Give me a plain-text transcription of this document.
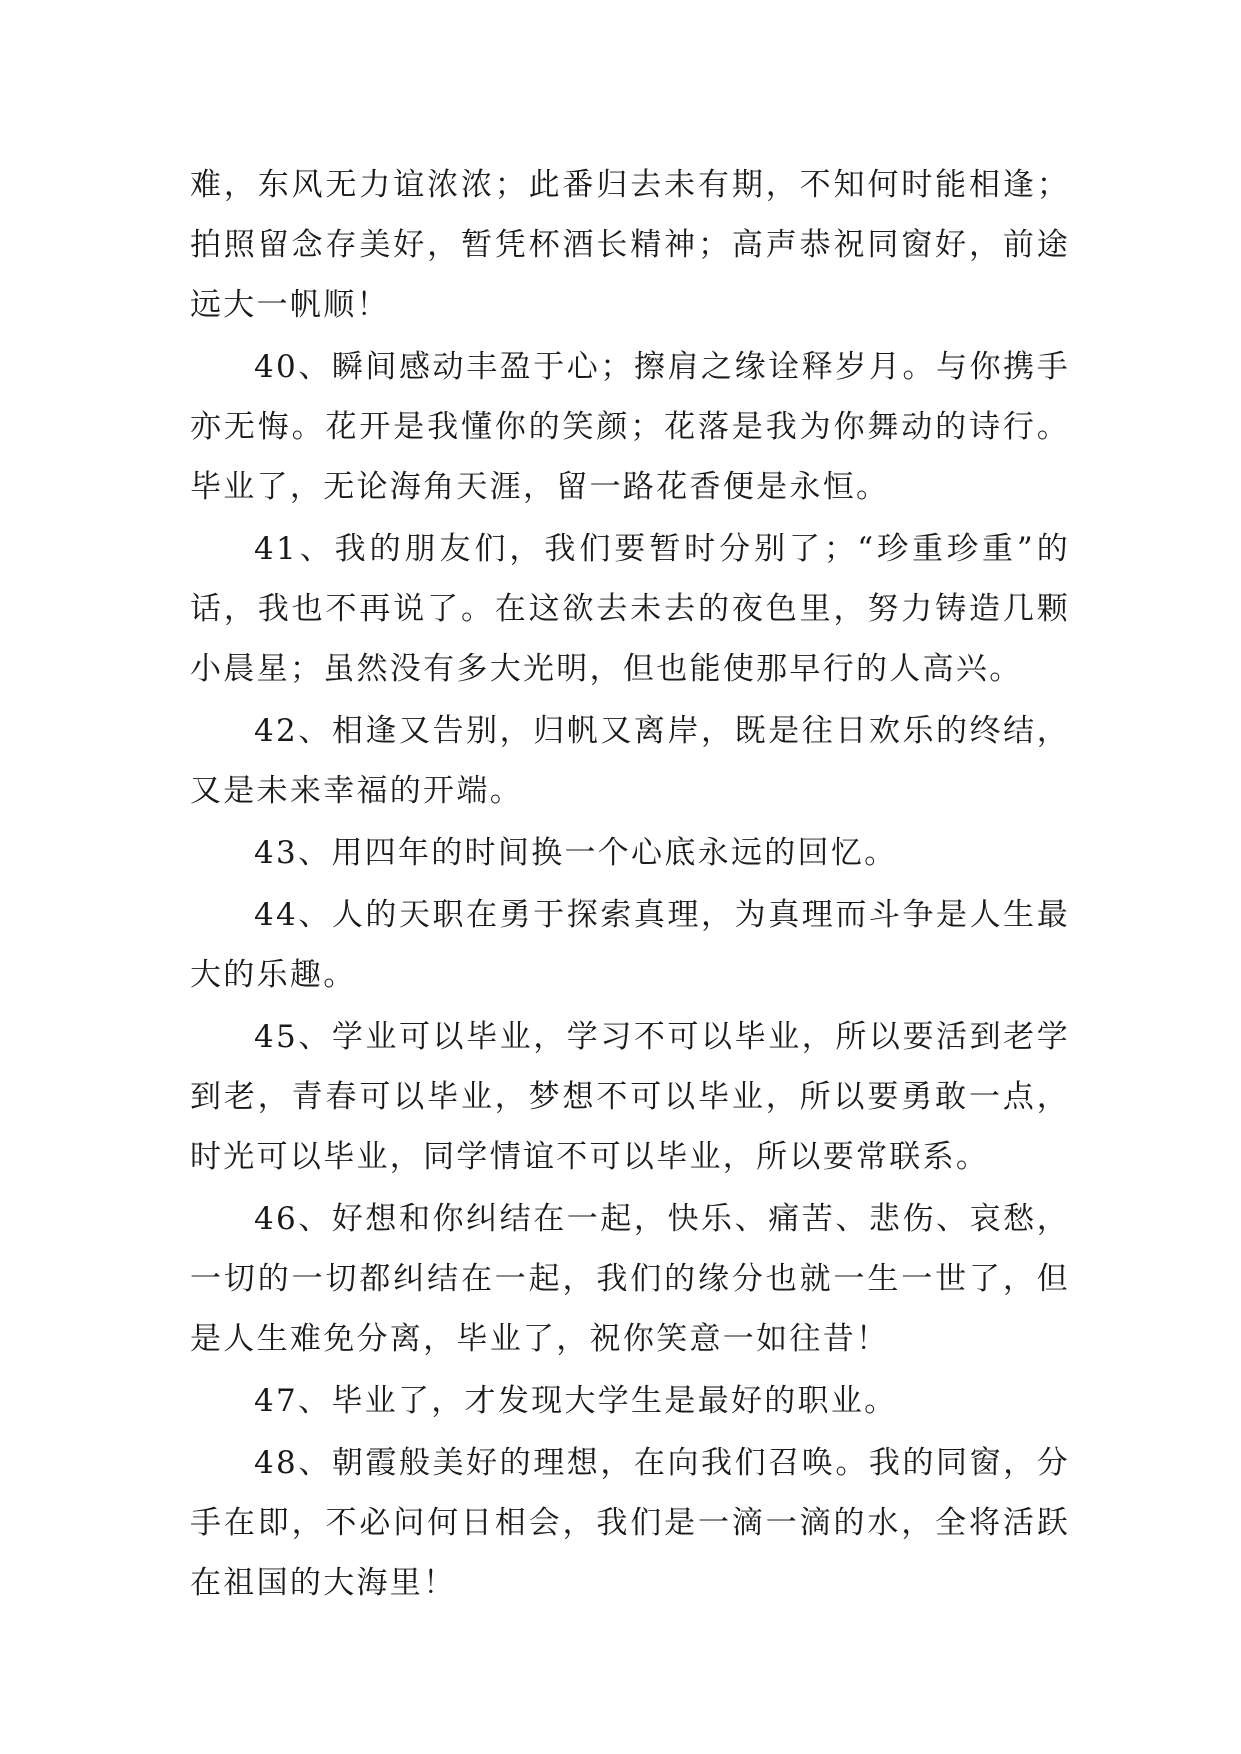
难，东风无力谊浓浓；此番归去未有期，不知何时能相逢；拍照留念存美好，暂凭杯酒长精神；高声恭祝同窗好，前途远大一帆顺！

40、瞬间感动丰盈于心；擦肩之缘诠释岁月。与你携手亦无悔。花开是我懂你的笑颜；花落是我为你舞动的诗行。毕业了，无论海角天涯，留一路花香便是永恒。

41、我的朋友们，我们要暂时分别了；“珍重珍重”的话，我也不再说了。在这欲去未去的夜色里，努力铸造几颗小晨星；虽然没有多大光明，但也能使那早行的人高兴。

42、相逢又告别，归帆又离岸，既是往日欢乐的终结，又是未来幸福的开端。

43、用四年的时间换一个心底永远的回忆。

44、人的天职在勇于探索真理，为真理而斗争是人生最大的乐趣。

45、学业可以毕业，学习不可以毕业，所以要活到老学到老，青春可以毕业，梦想不可以毕业，所以要勇敢一点，时光可以毕业，同学情谊不可以毕业，所以要常联系。

46、好想和你纠结在一起，快乐、痛苦、悲伤、哀愁，一切的一切都纠结在一起，我们的缘分也就一生一世了，但是人生难免分离，毕业了，祝你笑意一如往昔！

47、毕业了，才发现大学生是最好的职业。

48、朝霞般美好的理想，在向我们召唤。我的同窗，分手在即，不必问何日相会，我们是一滴一滴的水，全将活跃在祖国的大海里！
